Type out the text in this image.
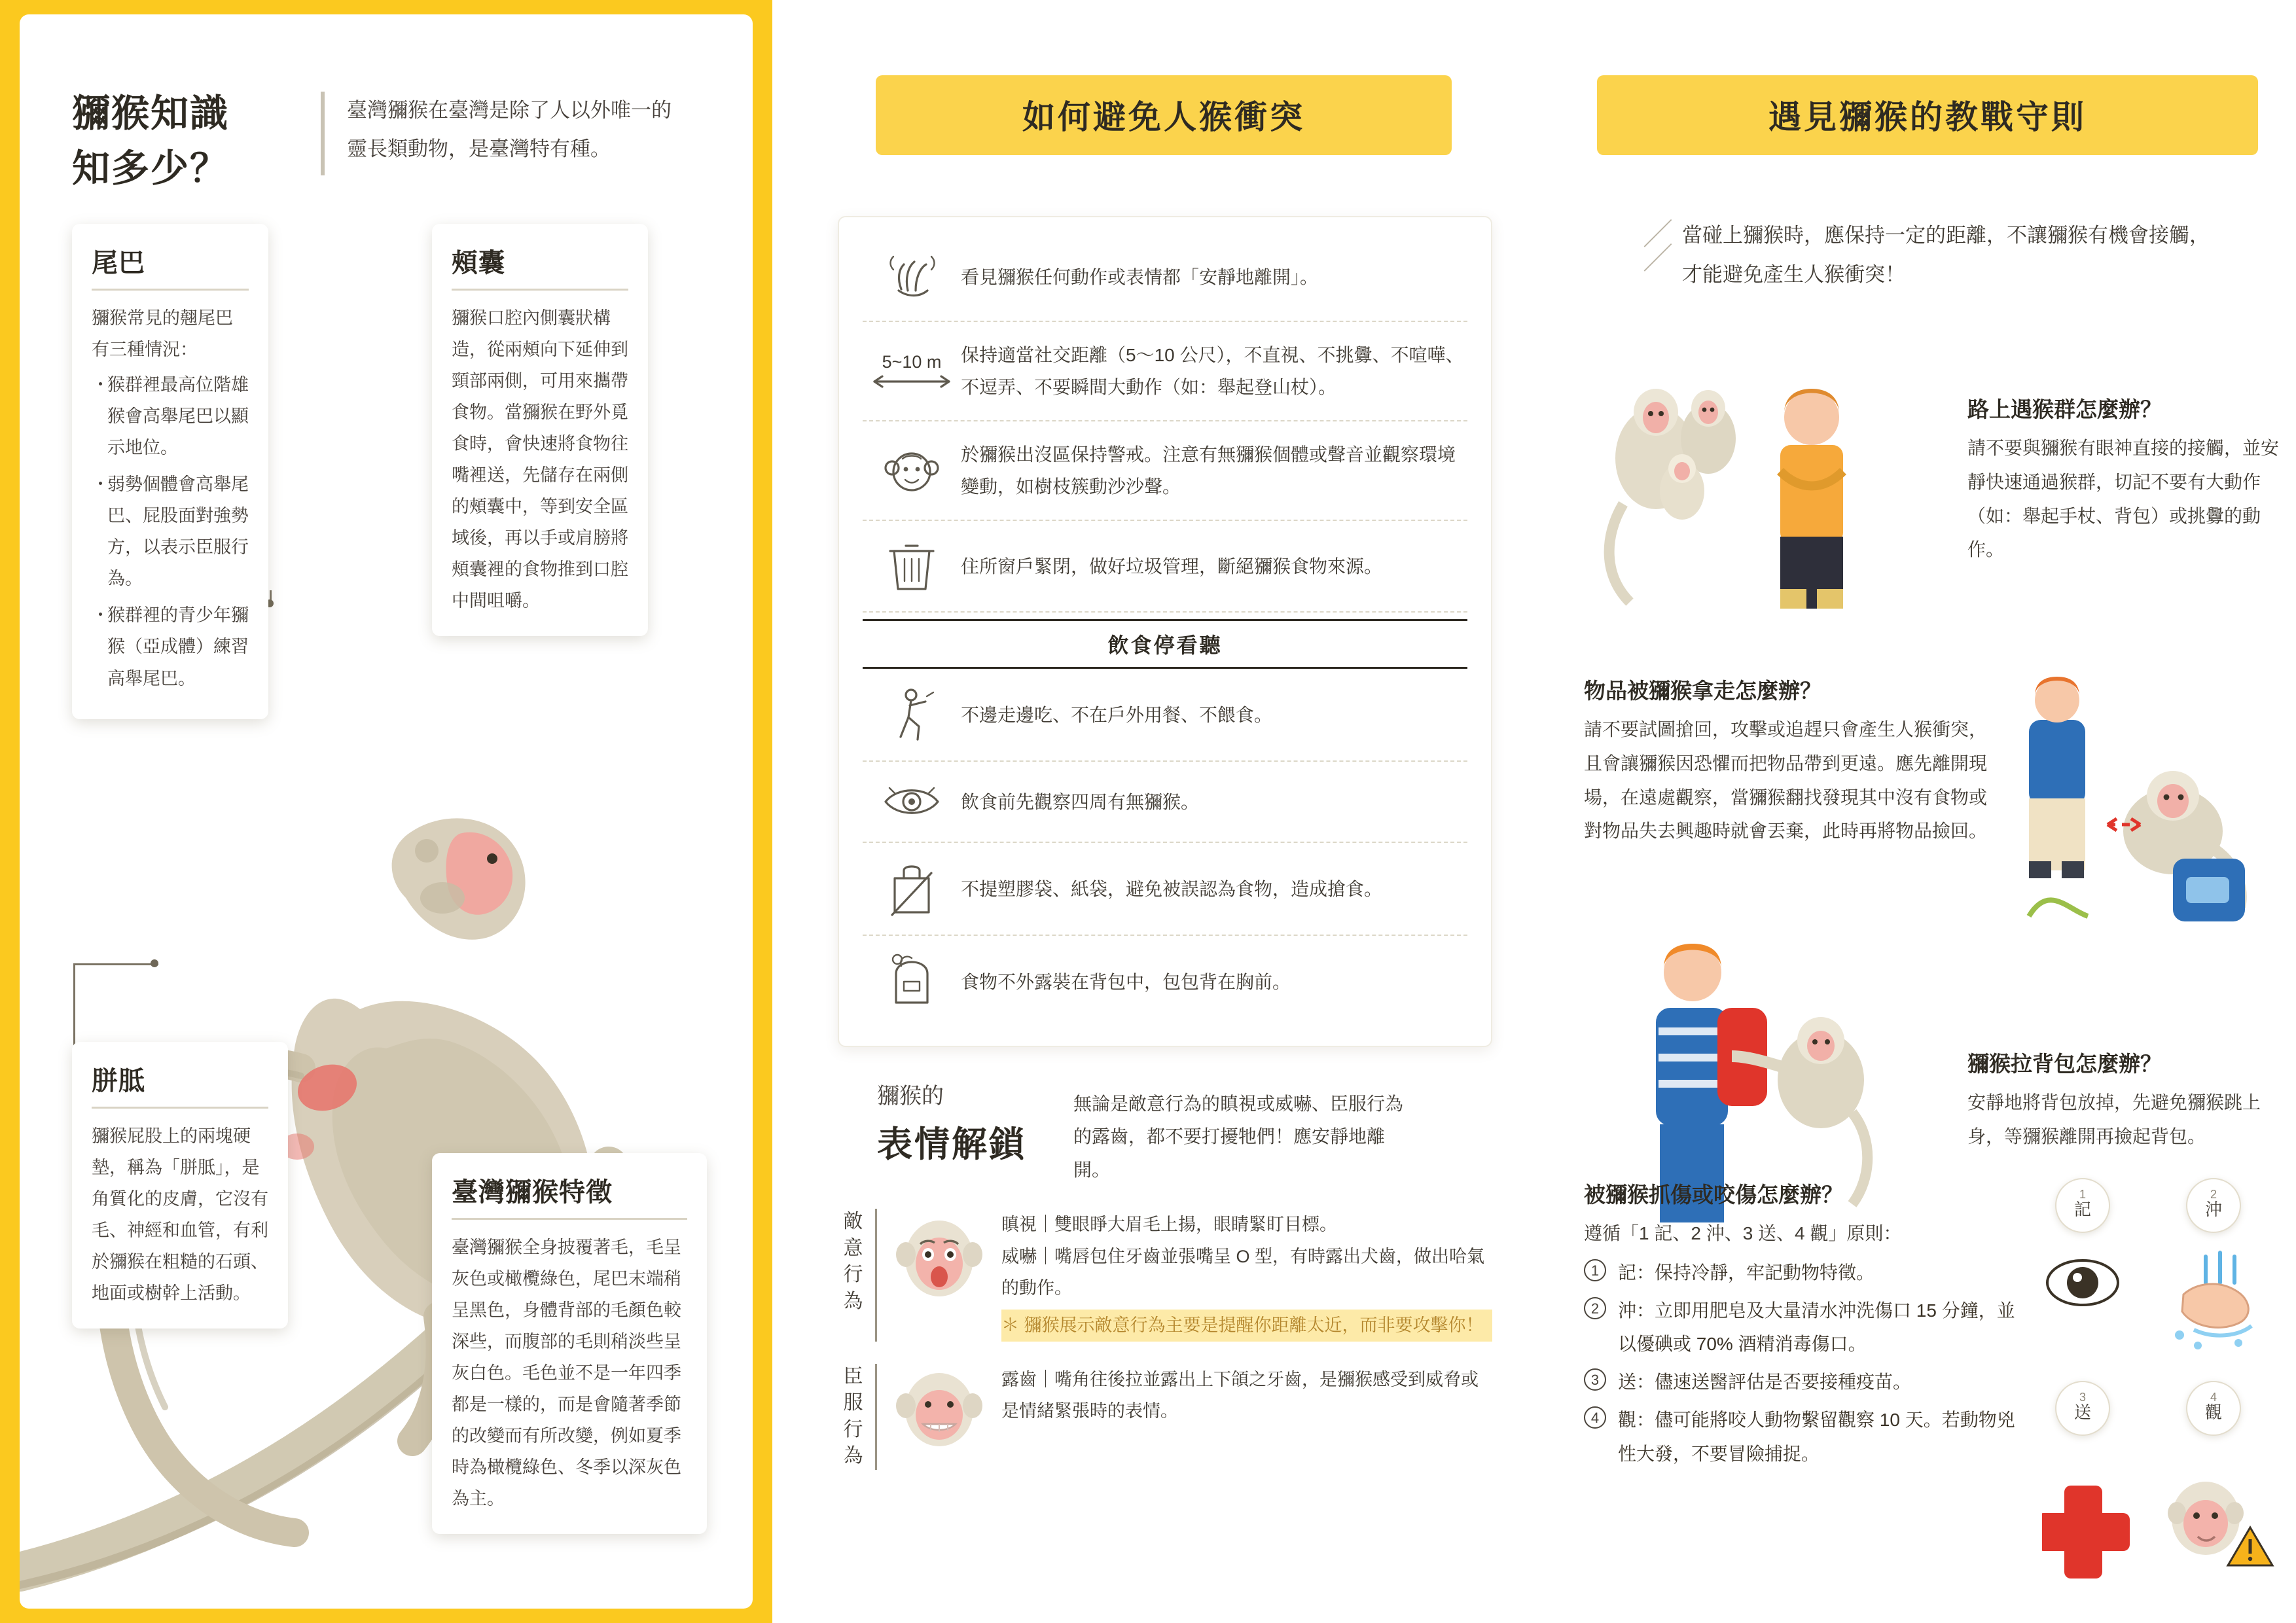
獼猴知識
知多少？
臺灣獼猴在臺灣是除了人以外唯一的靈長類動物，是臺灣特有種。
尾巴

獼猴常見的翹尾巴有三種情況：

・ 猴群裡最高位階雄猴會高舉尾巴以顯示地位。
・ 弱勢個體會高舉尾巴、屁股面對強勢方，以表示臣服行為。
・ 猴群裡的青少年獼猴（亞成體）練習高舉尾巴。
頰囊

獼猴口腔內側囊狀構造，從兩頰向下延伸到頸部兩側，可用來攜帶食物。當獼猴在野外覓食時，會快速將食物往嘴裡送，先儲存在兩側的頰囊中，等到安全區域後，再以手或肩膀將頰囊裡的食物推到口腔中間咀嚼。

胼胝

獼猴屁股上的兩塊硬墊，稱為「胼胝」，是角質化的皮膚，它沒有毛、神經和血管，有利於獼猴在粗糙的石頭、地面或樹幹上活動。

臺灣獼猴特徵

臺灣獼猴全身披覆著毛，毛呈灰色或橄欖綠色，尾巴末端稍呈黑色，身體背部的毛顏色較深些，而腹部的毛則稍淡些呈灰白色。毛色並不是一年四季都是一樣的，而是會隨著季節的改變而有所改變，例如夏季時為橄欖綠色、冬季以深灰色為主。

如何避免人猴衝突
看見獼猴任何動作或表情都「安靜地離開」。
5~10 m	保持適當社交距離（5～10 公尺），不直視、不挑釁、不喧嘩、不逗弄、不要瞬間大動作（如：舉起登山杖）。
於獼猴出沒區保持警戒。注意有無獼猴個體或聲音並觀察環境變動，如樹枝簇動沙沙聲。
住所窗戶緊閉，做好垃圾管理，斷絕獼猴食物來源。
飲食停看聽
不邊走邊吃、不在戶外用餐、不餵食。
飲食前先觀察四周有無獼猴。
不提塑膠袋、紙袋，避免被誤認為食物，造成搶食。
食物不外露裝在背包中，包包背在胸前。
獼猴的
表情解鎖
無論是敵意行為的瞋視或威嚇、臣服行為的露齒，都不要打擾牠們！應安靜地離開。
敵意行為
瞋視｜雙眼睜大眉毛上揚，眼睛緊盯目標。
威嚇｜嘴唇包住牙齒並張嘴呈 O 型，有時露出犬齒，做出哈氣的動作。
＊ 獼猴展示敵意行為主要是提醒你距離太近，而非要攻擊你！
臣服行為
露齒｜嘴角往後拉並露出上下頜之牙齒，是獼猴感受到威脅或是情緒緊張時的表情。
遇見獼猴的教戰守則
／
／
當碰上獼猴時，應保持一定的距離，不讓獼猴有機會接觸，才能避免產生人猴衝突！
路上遇猴群怎麼辦？

請不要與獼猴有眼神直接的接觸，並安靜快速通過猴群，切記不要有大動作（如：舉起手杖、背包）或挑釁的動作。

物品被獼猴拿走怎麼辦？

請不要試圖搶回，攻擊或追趕只會產生人猴衝突，且會讓獼猴因恐懼而把物品帶到更遠。應先離開現場，在遠處觀察，當獼猴翻找發現其中沒有食物或對物品失去興趣時就會丟棄，此時再將物品撿回。

獼猴拉背包怎麼辦？

安靜地將背包放掉，先避免獼猴跳上身，等獼猴離開再撿起背包。

被獼猴抓傷或咬傷怎麼辦？

遵循「1 記、2 沖、3 送、4 觀」原則：

1	記：保持冷靜，牢記動物特徵。
2	沖：立即用肥皂及大量清水沖洗傷口 15 分鐘，並以優碘或 70% 酒精消毒傷口。
3	送：儘速送醫評估是否要接種疫苗。
4	觀：儘可能將咬人動物繫留觀察 10 天。若動物兇性大發，不要冒險捕捉。
1
記
2
沖
3
送
4
觀
